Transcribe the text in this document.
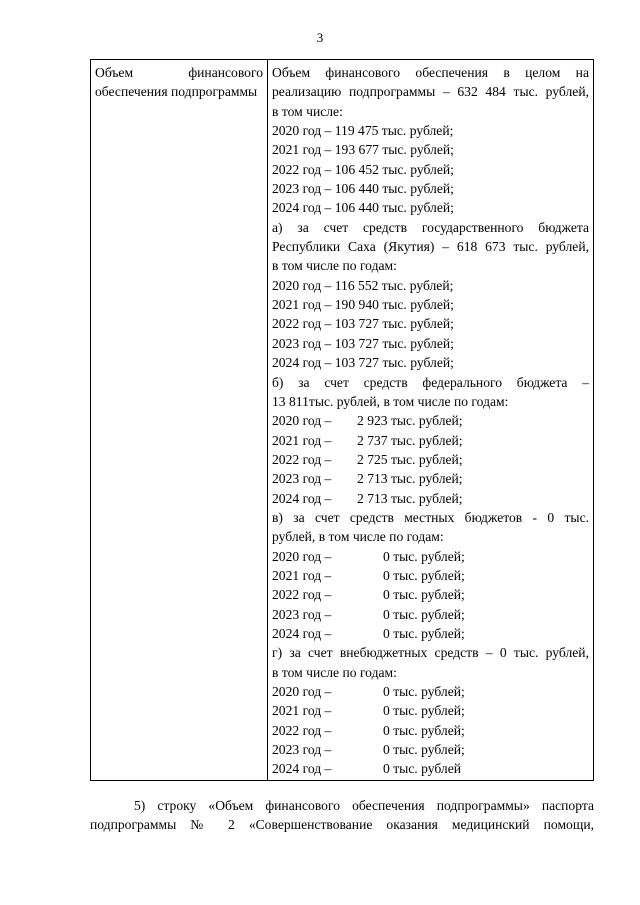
3
Объем финансового обеспечения подпрограммы	
Объем финансового обеспечения в целом на
реализацию подпрограммы – 632 484 тыс. рублей,
в том числе:
2020 год – 119 475 тыс. рублей;
2021 год – 193 677 тыс. рублей;
2022 год – 106 452 тыс. рублей;
2023 год – 106 440 тыс. рублей;
2024 год – 106 440 тыс. рублей;
а) за счет средств государственного бюджета
Республики Саха (Якутия) – 618 673 тыс. рублей,
в том числе по годам:
2020 год – 116 552 тыс. рублей;
2021 год – 190 940 тыс. рублей;
2022 год – 103 727 тыс. рублей;
2023 год – 103 727 тыс. рублей;
2024 год – 103 727 тыс. рублей;
б) за счет средств федерального бюджета –
13 811тыс. рублей, в том числе по годам:
2020 год – 2 923 тыс. рублей;
2021 год – 2 737 тыс. рублей;
2022 год – 2 725 тыс. рублей;
2023 год – 2 713 тыс. рублей;
2024 год – 2 713 тыс. рублей;
в) за счет средств местных бюджетов - 0 тыс.
рублей, в том числе по годам:
2020 год –	0 тыс. рублей;
2021 год –	0 тыс. рублей;
2022 год –	0 тыс. рублей;
2023 год –	0 тыс. рублей;
2024 год –	0 тыс. рублей;
г) за счет внебюджетных средств – 0 тыс. рублей,
в том числе по годам:
2020 год –	0 тыс. рублей;
2021 год –	0 тыс. рублей;
2022 год –	0 тыс. рублей;
2023 год –	0 тыс. рублей;
2024 год –	0 тыс. рублей
5) строку «Объем финансового обеспечения подпрограммы» паспорта
подпрограммы № 2 «Совершенствование оказания медицинский помощи,
